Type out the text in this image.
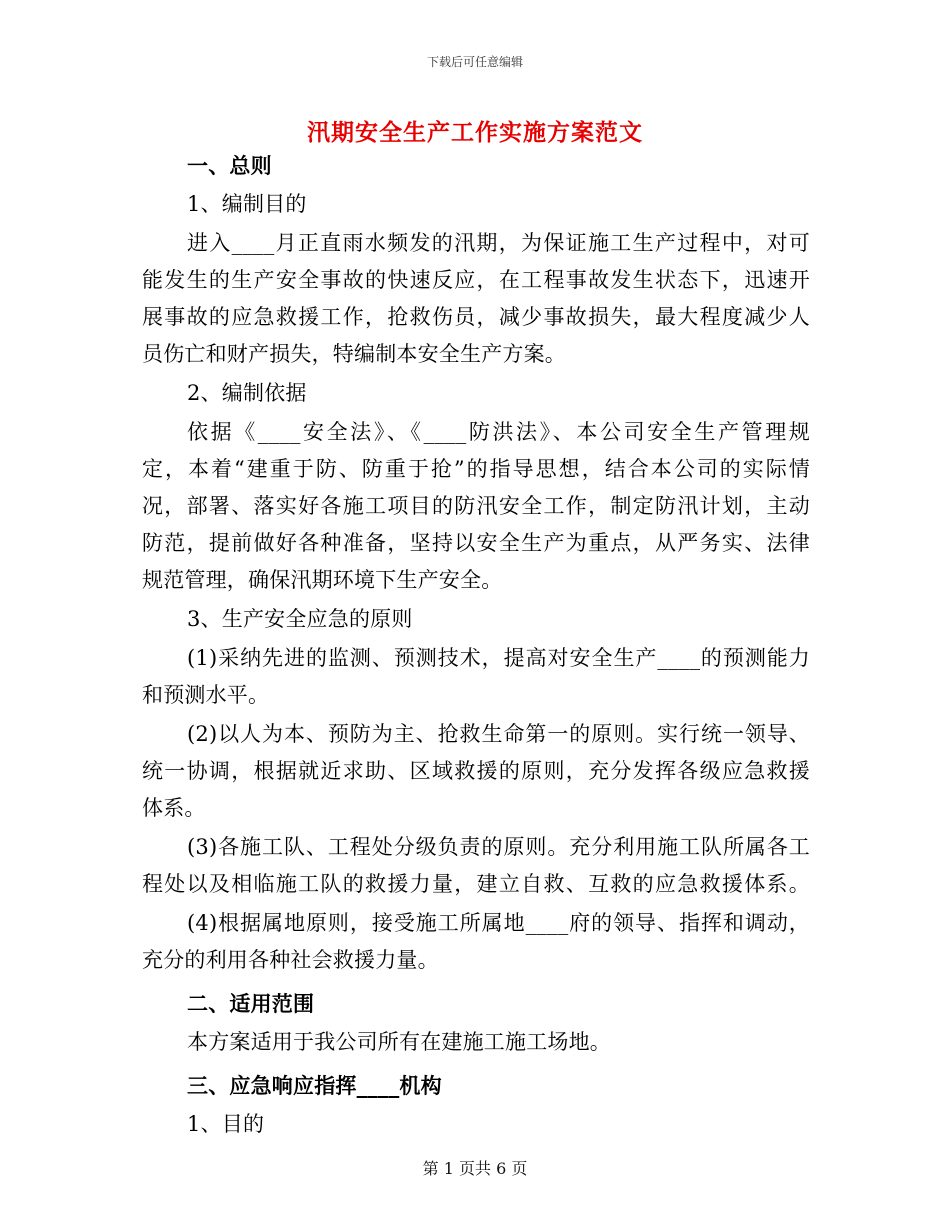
下载后可任意编辑
汛期安全生产工作实施方案范文
一、总则
1、编制目的
进入____月正直雨水频发的汛期，为保证施工生产过程中，对可
能发生的生产安全事故的快速反应，在工程事故发生状态下，迅速开
展事故的应急救援工作，抢救伤员，减少事故损失，最大程度减少人
员伤亡和财产损失，特编制本安全生产方案。
2、编制依据
依据《____安全法》、《____防洪法》、本公司安全生产管理规
定，本着“建重于防、防重于抢”的指导思想，结合本公司的实际情
况，部署、落实好各施工项目的防汛安全工作，制定防汛计划，主动
防范，提前做好各种准备，坚持以安全生产为重点，从严务实、法律
规范管理，确保汛期环境下生产安全。
3、生产安全应急的原则
(1)采纳先进的监测、预测技术，提高对安全生产____的预测能力
和预测水平。
(2)以人为本、预防为主、抢救生命第一的原则。实行统一领导、
统一协调，根据就近求助、区域救援的原则，充分发挥各级应急救援
体系。
(3)各施工队、工程处分级负责的原则。充分利用施工队所属各工
程处以及相临施工队的救援力量，建立自救、互救的应急救援体系。
(4)根据属地原则，接受施工所属地____府的领导、指挥和调动，
充分的利用各种社会救援力量。
二、适用范围
本方案适用于我公司所有在建施工施工场地。
三、应急响应指挥____机构
1、目的
第 1 页共 6 页
